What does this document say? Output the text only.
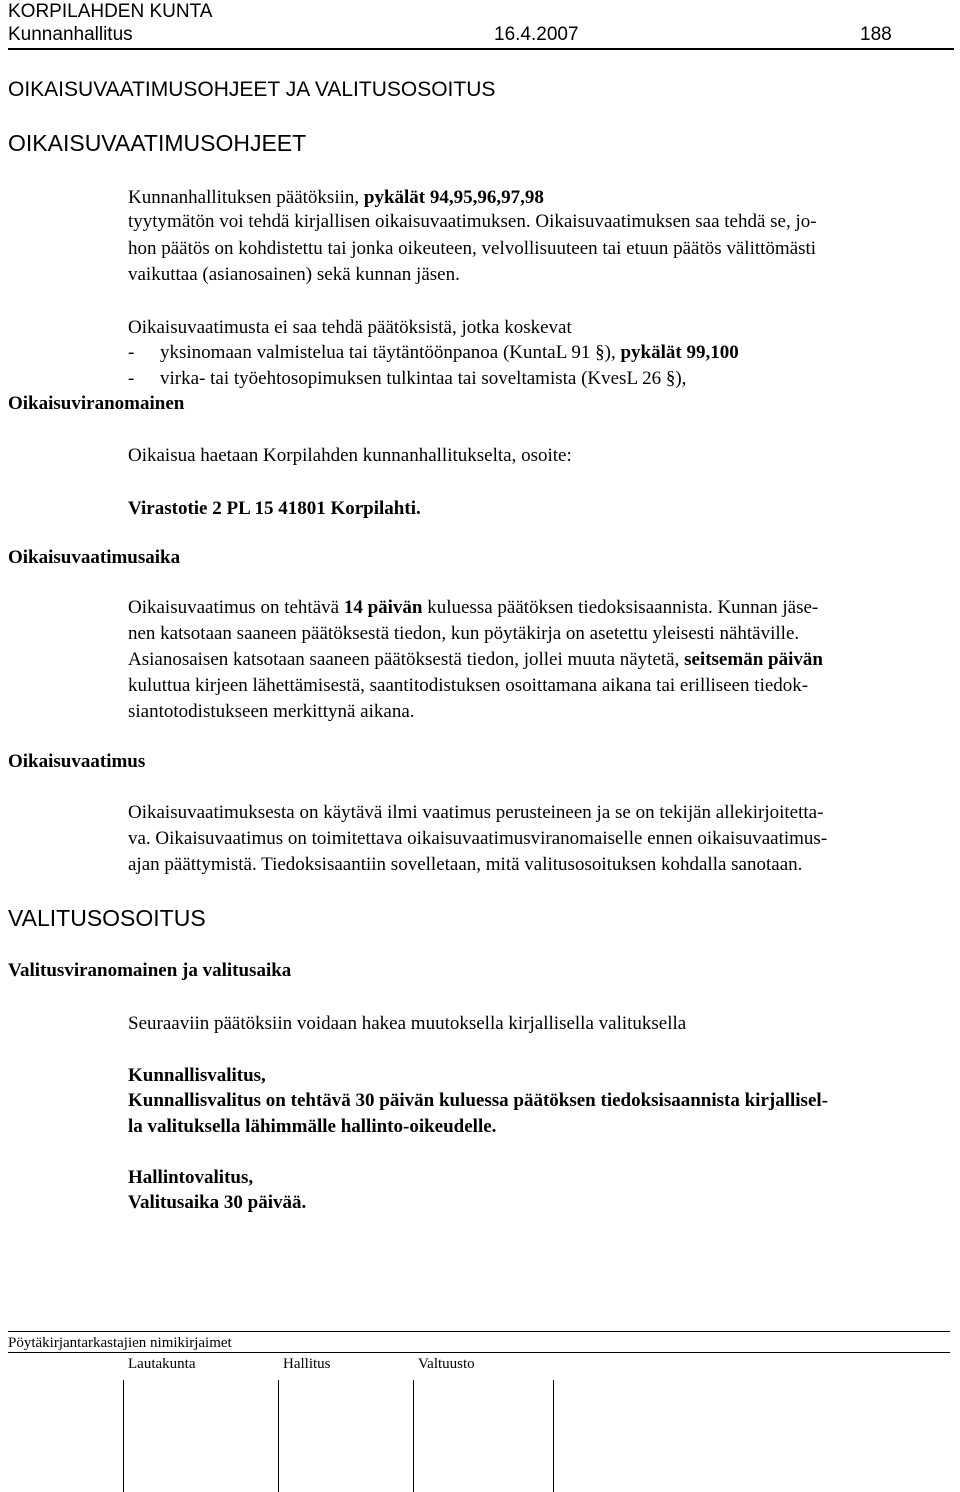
KORPILAHDEN KUNTA
Kunnanhallitus	16.4.2007	188
OIKAISUVAATIMUSOHJEET JA VALITUSOSOITUS
OIKAISUVAATIMUSOHJEET
Kunnanhallituksen päätöksiin, pykälät 94,95,96,97,98
tyytymätön voi tehdä kirjallisen oikaisuvaatimuksen. Oikaisuvaatimuksen saa tehdä se, jo-
hon päätös on kohdistettu tai jonka oikeuteen, velvollisuuteen tai etuun päätös välittömästi
vaikuttaa (asianosainen) sekä kunnan jäsen.
Oikaisuvaatimusta ei saa tehdä päätöksistä, jotka koskevat
- yksinomaan valmistelua tai täytäntöönpanoa (KuntaL 91 §), pykälät 99,100
- virka- tai työehtosopimuksen tulkintaa tai soveltamista (KvesL 26 §),
Oikaisuviranomainen
Oikaisua haetaan Korpilahden kunnanhallitukselta, osoite:
Virastotie 2 PL 15 41801 Korpilahti.
Oikaisuvaatimusaika
Oikaisuvaatimus on tehtävä 14 päivän kuluessa päätöksen tiedoksisaannista. Kunnan jäse-
nen katsotaan saaneen päätöksestä tiedon, kun pöytäkirja on asetettu yleisesti nähtäville.
Asianosaisen katsotaan saaneen päätöksestä tiedon, jollei muuta näytetä, seitsemän päivän
kuluttua kirjeen lähettämisestä, saantitodistuksen osoittamana aikana tai erilliseen tiedok-
siantotodistukseen merkittynä aikana.
Oikaisuvaatimus
Oikaisuvaatimuksesta on käytävä ilmi vaatimus perusteineen ja se on tekijän allekirjoitetta-
va. Oikaisuvaatimus on toimitettava oikaisuvaatimusviranomaiselle ennen oikaisuvaatimus-
ajan päättymistä. Tiedoksisaantiin sovelletaan, mitä valitusosoituksen kohdalla sanotaan.
VALITUSOSOITUS
Valitusviranomainen ja valitusaika
Seuraaviin päätöksiin voidaan hakea muutoksella kirjallisella valituksella
Kunnallisvalitus,
Kunnallisvalitus on tehtävä 30 päivän kuluessa päätöksen tiedoksisaannista kirjallisel-
la valituksella lähimmälle hallinto-oikeudelle.
Hallintovalitus,
Valitusaika 30 päivää.
Pöytäkirjantarkastajien nimikirjaimet
Lautakunta	Hallitus	Valtuusto
